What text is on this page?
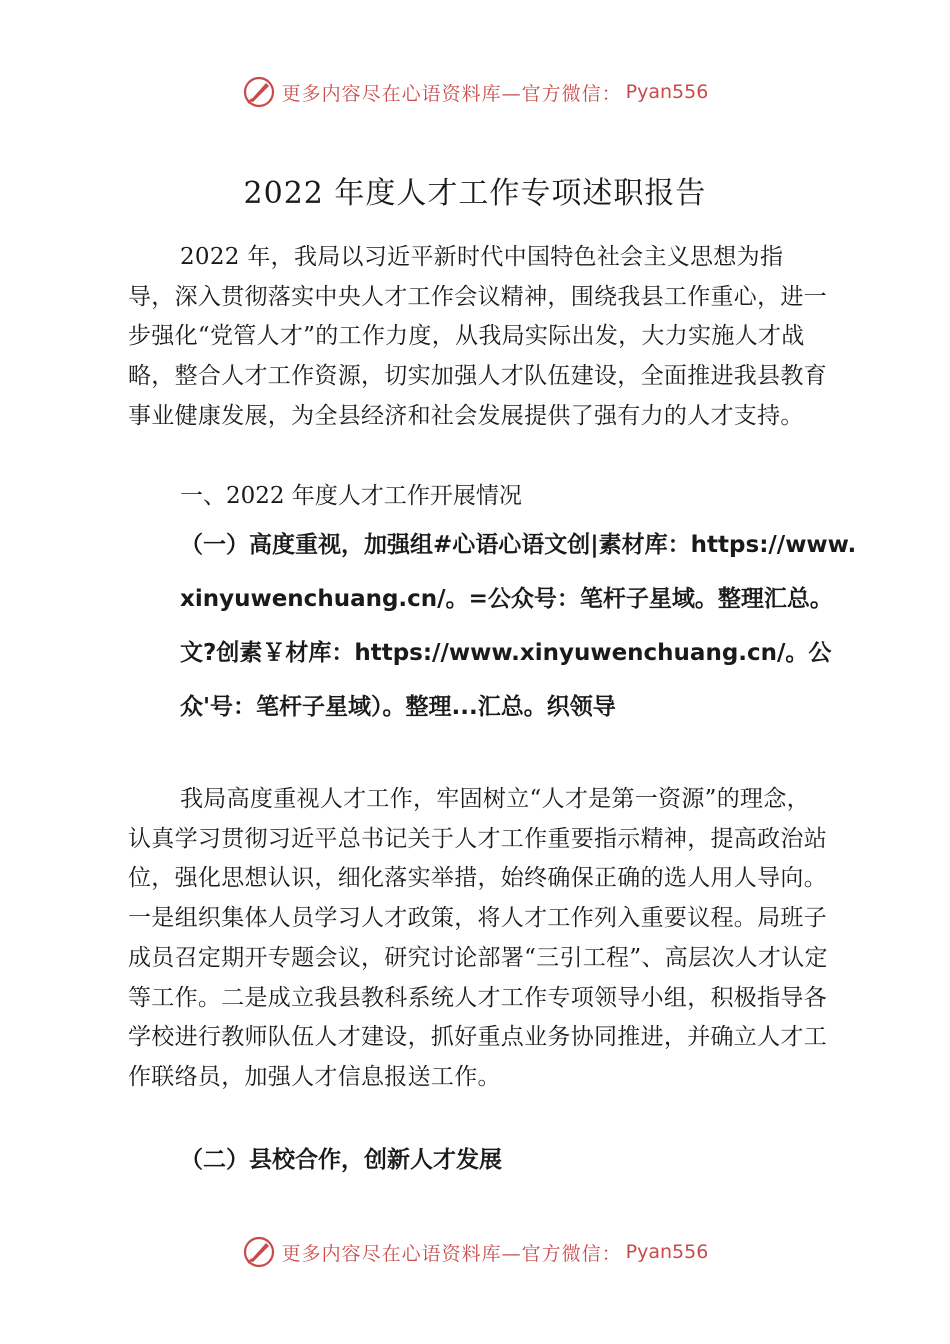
更多内容尽在心语资料库—官方微信： Pyan556
2022 年度人才工作专项述职报告
2022 年，我局以习近平新时代中国特色社会主义思想为指导，深入贯彻落实中央人才工作会议精神，围绕我县工作重心，进一步强化“党管人才”的工作力度，从我局实际出发，大力实施人才战略，整合人才工作资源，切实加强人才队伍建设，全面推进我县教育事业健康发展，为全县经济和社会发展提供了强有力的人才支持。
一、2022 年度人才工作开展情况
（一）高度重视，加强组#心语心语文创|素材库：https://www.xinyuwenchuang.cn/。=公众号：笔杆子星域。整理汇总。文?创素￥材库：https://www.xinyuwenchuang.cn/。公众'号：笔杆子星域）。整理...汇总。织领导
我局高度重视人才工作，牢固树立“人才是第一资源”的理念，认真学习贯彻习近平总书记关于人才工作重要指示精神，提高政治站位，强化思想认识，细化落实举措，始终确保正确的选人用人导向。一是组织集体人员学习人才政策，将人才工作列入重要议程。局班子成员召定期开专题会议，研究讨论部署“三引工程”、高层次人才认定等工作。二是成立我县教科系统人才工作专项领导小组，积极指导各学校进行教师队伍人才建设，抓好重点业务协同推进，并确立人才工作联络员，加强人才信息报送工作。
（二）县校合作，创新人才发展
更多内容尽在心语资料库—官方微信： Pyan556
